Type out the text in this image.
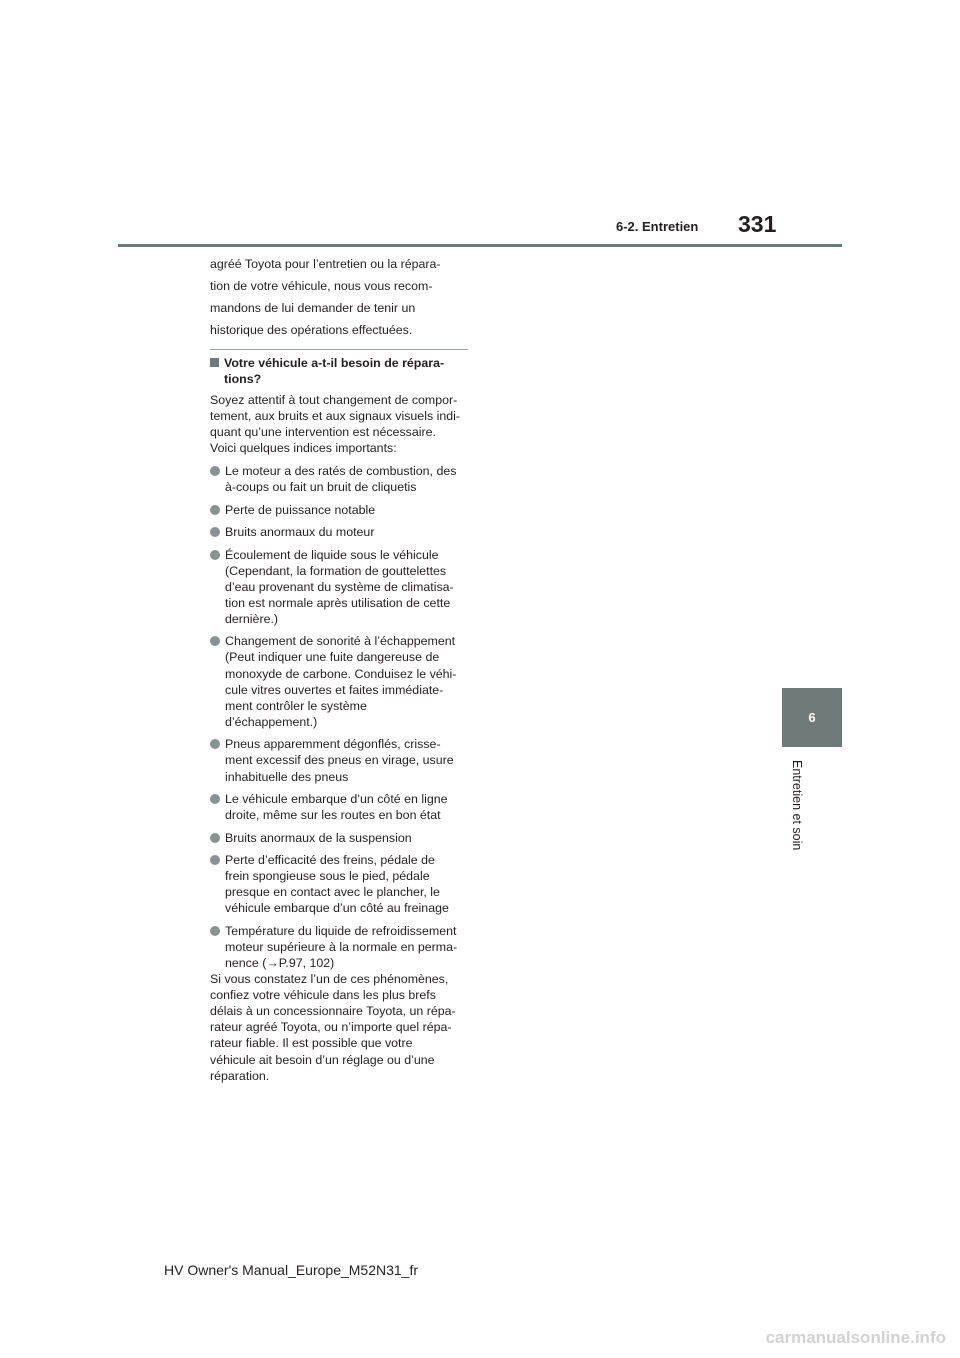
6-2. Entretien 331
6
Entretien et soin

agréé Toyota pour l’entretien ou la répara-

tion de votre véhicule, nous vous recom-

mandons de lui demander de tenir un

historique des opérations effectuées.

Votre véhicule a-t-il besoin de répara-
tions?

Soyez attentif à tout changement de compor-
tement, aux bruits et aux signaux visuels indi-
quant qu’une intervention est nécessaire.
Voici quelques indices importants:

Le moteur a des ratés de combustion, des
à-coups ou fait un bruit de cliquetis
Perte de puissance notable
Bruits anormaux du moteur
Écoulement de liquide sous le véhicule
(Cependant, la formation de gouttelettes
d’eau provenant du système de climatisa-
tion est normale après utilisation de cette
dernière.)
Changement de sonorité à l’échappement
(Peut indiquer une fuite dangereuse de
monoxyde de carbone. Conduisez le véhi-
cule vitres ouvertes et faites immédiate-
ment contrôler le système
d’échappement.)
Pneus apparemment dégonflés, crisse-
ment excessif des pneus en virage, usure
inhabituelle des pneus
Le véhicule embarque d’un côté en ligne
droite, même sur les routes en bon état
Bruits anormaux de la suspension
Perte d’efficacité des freins, pédale de
frein spongieuse sous le pied, pédale
presque en contact avec le plancher, le
véhicule embarque d’un côté au freinage
Température du liquide de refroidissement
moteur supérieure à la normale en perma-
nence (→P.97, 102)

Si vous constatez l’un de ces phénomènes,
confiez votre véhicule dans les plus brefs
délais à un concessionnaire Toyota, un répa-
rateur agréé Toyota, ou n’importe quel répa-
rateur fiable. Il est possible que votre
véhicule ait besoin d’un réglage ou d’une
réparation.

HV Owner's Manual_Europe_M52N31_fr
carmanualsonline.info
